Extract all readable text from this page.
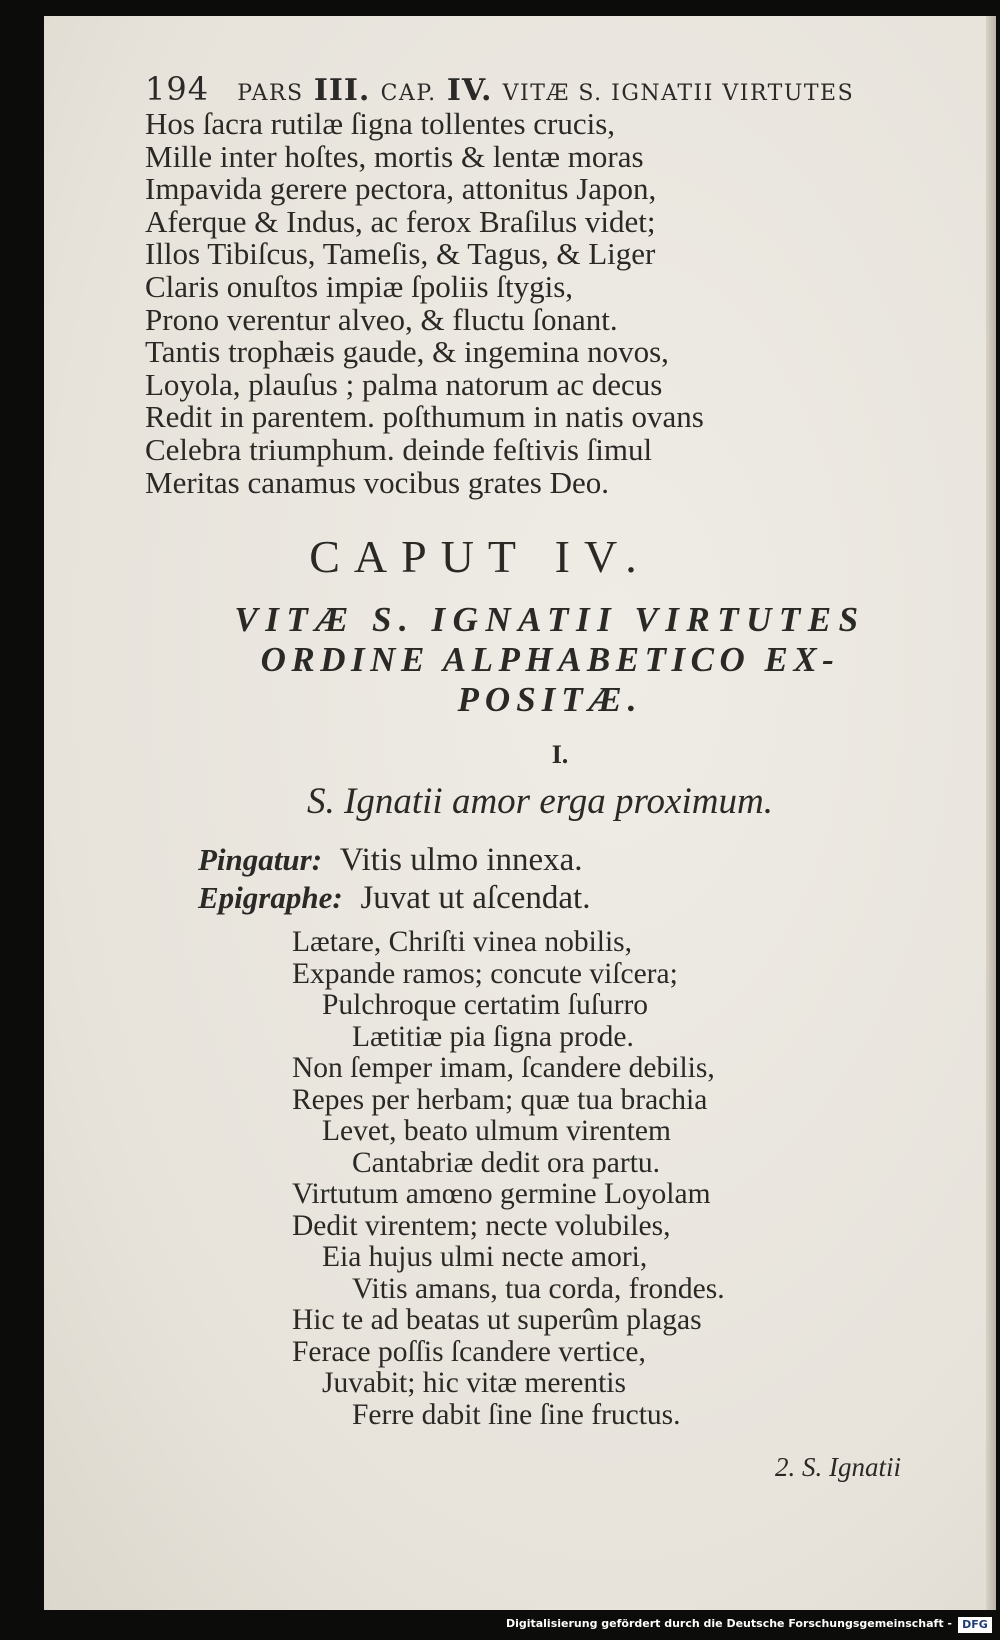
194 PARS III. CAP. IV. VITÆ S. IGNATII VIRTUTES
Hos ſacra rutilæ ſigna tollentes crucis,
Mille inter hoſtes, mortis & lentæ moras
Impavida gerere pectora, attonitus Japon,
Aferque & Indus, ac ferox Braſilus videt;
Illos Tibiſcus, Tameſis, & Tagus, & Liger
Claris onuſtos impiæ ſpoliis ſtygis,
Prono verentur alveo, & fluctu ſonant.
Tantis trophæis gaude, & ingemina novos,
Loyola, plauſus ; palma natorum ac decus
Redit in parentem. poſthumum in natis ovans
Celebra triumphum. deinde feſtivis ſimul
Meritas canamus vocibus grates Deo.
CAPUT IV.
VITÆ S. IGNATII VIRTUTES
ORDINE ALPHABETICO EX-
POSITÆ.
I.
S. Ignatii amor erga proximum.
Pingatur: Vitis ulmo innexa.
Epigraphe: Juvat ut aſcendat.
Lætare, Chriſti vinea nobilis,
Expande ramos; concute viſcera;
Pulchroque certatim ſuſurro
Lætitiæ pia ſigna prode.
Non ſemper imam, ſcandere debilis,
Repes per herbam; quæ tua brachia
Levet, beato ulmum virentem
Cantabriæ dedit ora partu.
Virtutum amœno germine Loyolam
Dedit virentem; necte volubiles,
Eia hujus ulmi necte amori,
Vitis amans, tua corda, frondes.
Hic te ad beatas ut superûm plagas
Ferace poſſis ſcandere vertice,
Juvabit; hic vitæ merentis
Ferre dabit ſine ſine fructus.
2. S. Ignatii
Digitalisierung gefördert durch die Deutsche Forschungsgemeinschaft - DFG
